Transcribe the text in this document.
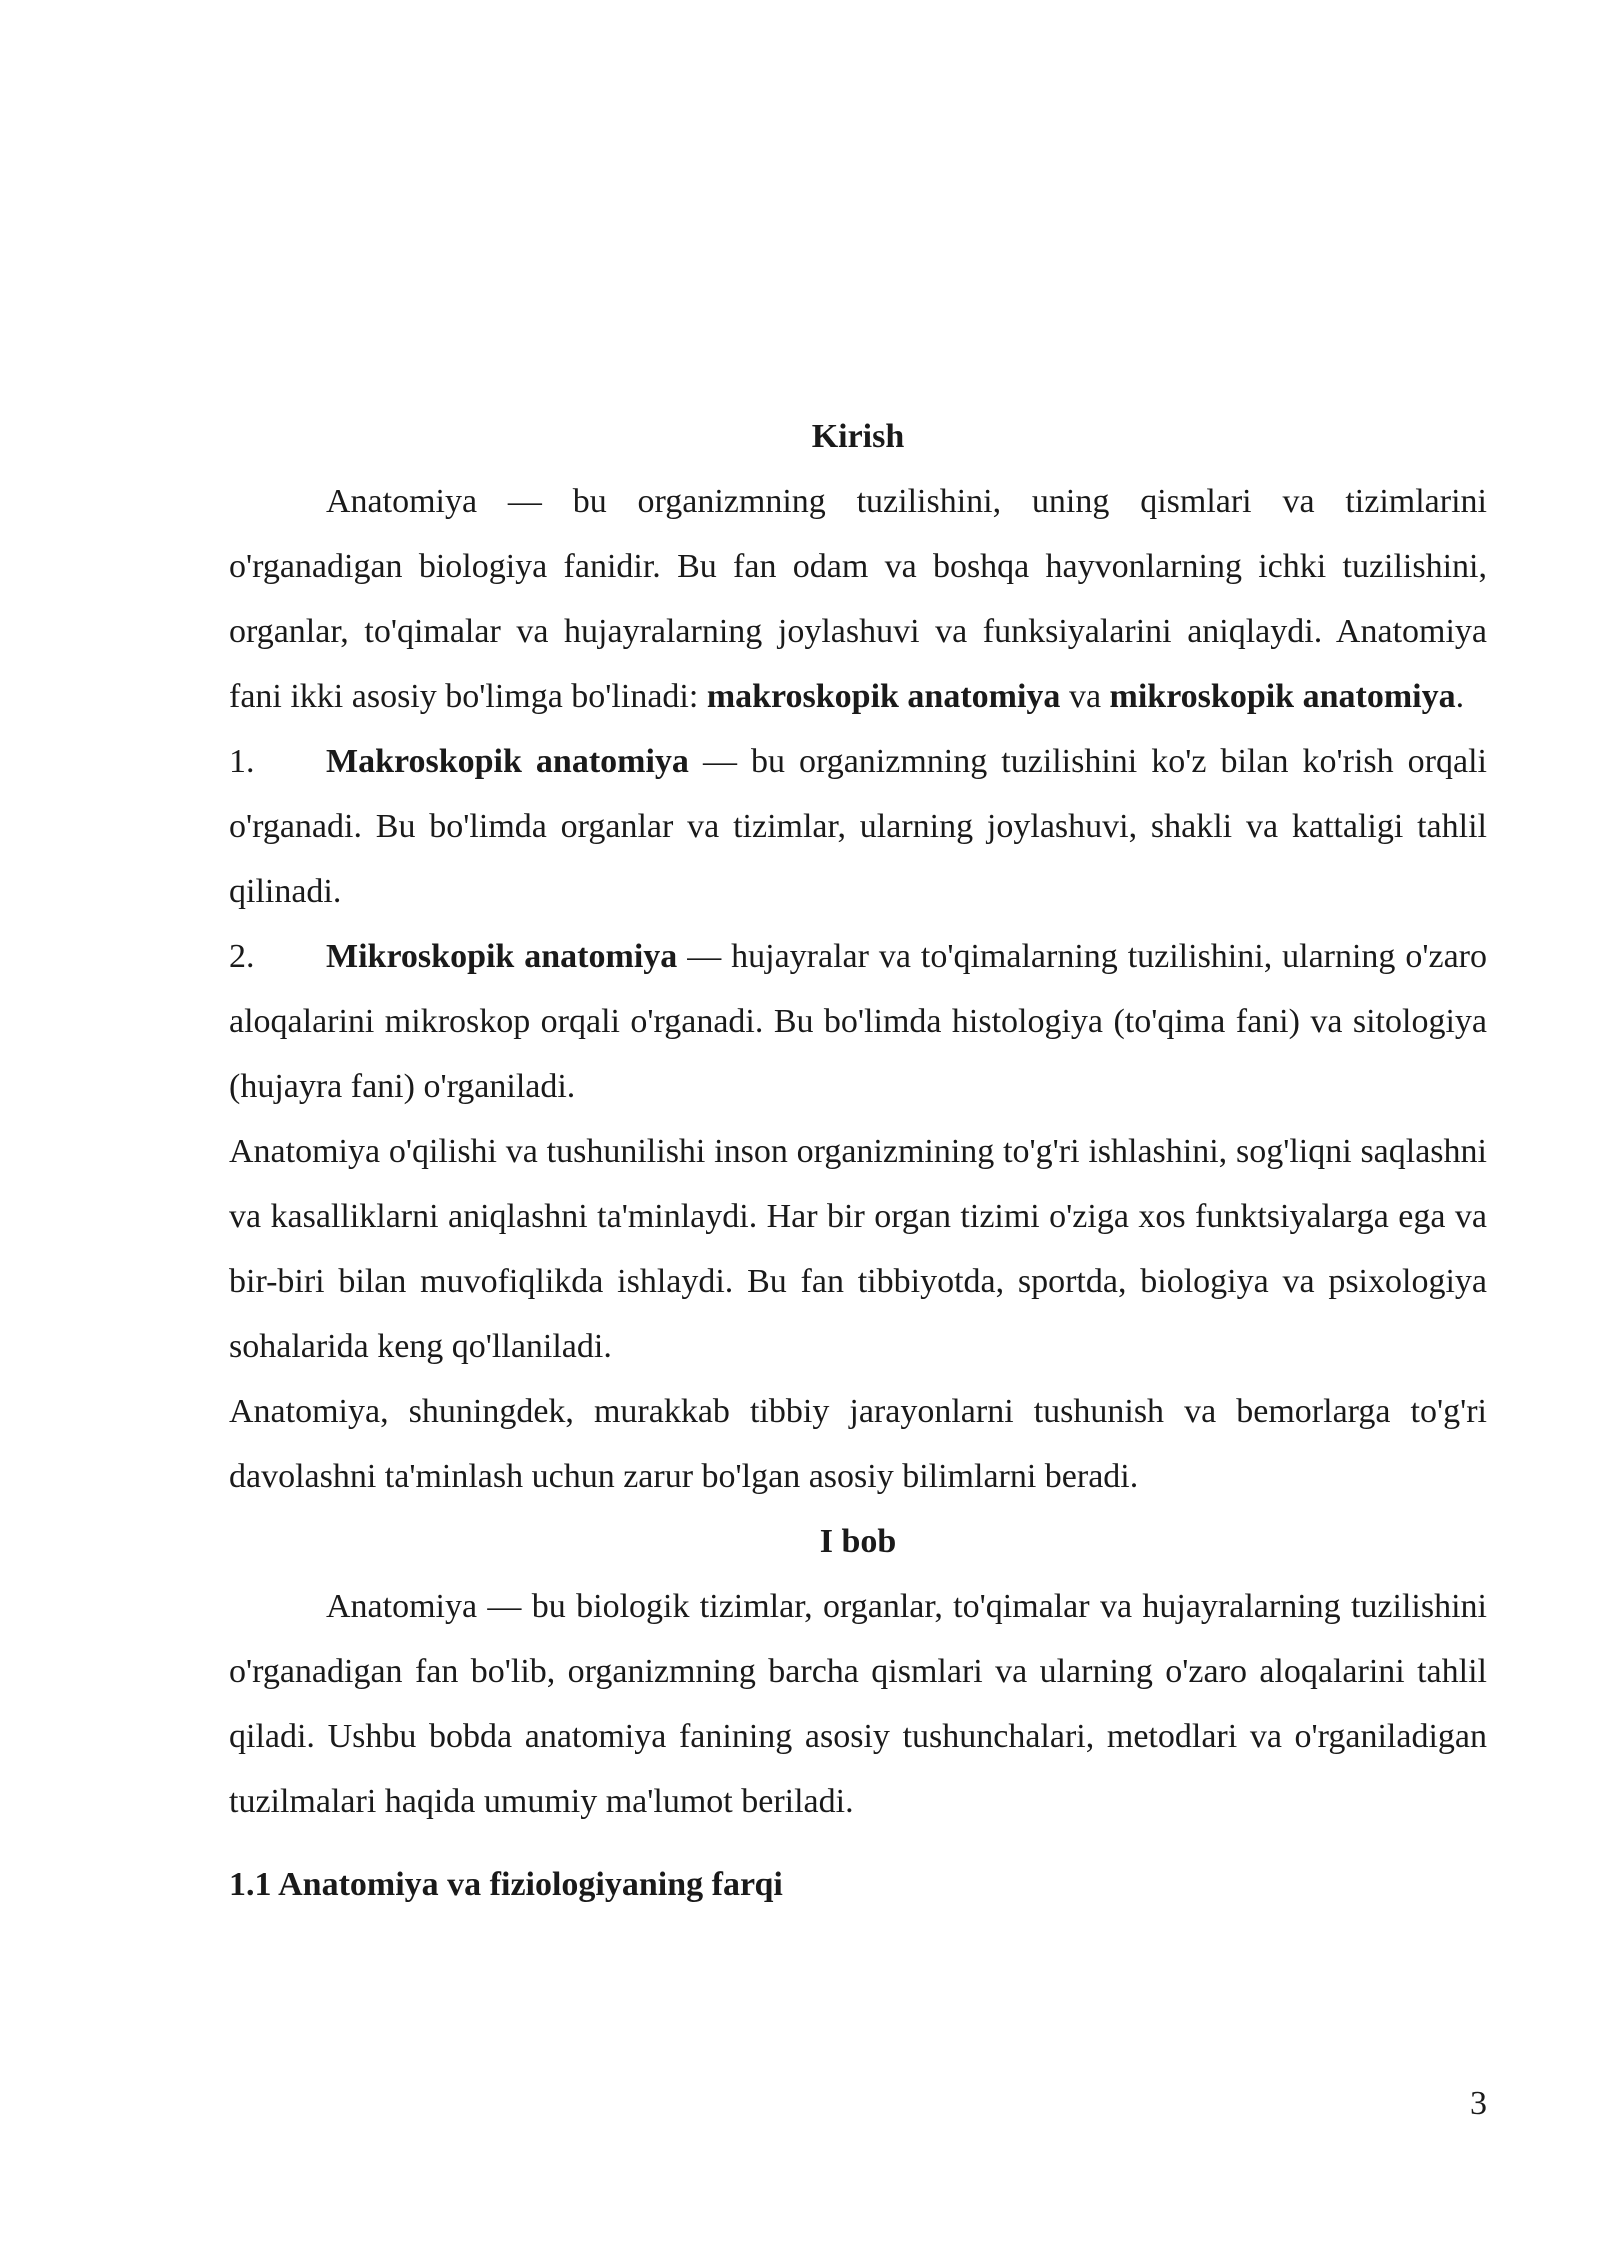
Kirish

Anatomiya — bu organizmning tuzilishini, uning qismlari va tizimlarini o'rganadigan biologiya fanidir. Bu fan odam va boshqa hayvonlarning ichki tuzilishini, organlar, to'qimalar va hujayralarning joylashuvi va funksiyalarini aniqlaydi. Anatomiya fani ikki asosiy bo'limga bo'linadi: makroskopik anatomiya va mikroskopik anatomiya.

1. Makroskopik anatomiya — bu organizmning tuzilishini ko'z bilan ko'rish orqali o'rganadi. Bu bo'limda organlar va tizimlar, ularning joylashuvi, shakli va kattaligi tahlil qilinadi.

2. Mikroskopik anatomiya — hujayralar va to'qimalarning tuzilishini, ularning o'zaro aloqalarini mikroskop orqali o'rganadi. Bu bo'limda histologiya (to'qima fani) va sitologiya (hujayra fani) o'rganiladi.

Anatomiya o'qilishi va tushunilishi inson organizmining to'g'ri ishlashini, sog'liqni saqlashni va kasalliklarni aniqlashni ta'minlaydi. Har bir organ tizimi o'ziga xos funktsiyalarga ega va bir-biri bilan muvofiqlikda ishlaydi. Bu fan tibbiyotda, sportda, biologiya va psixologiya sohalarida keng qo'llaniladi.

Anatomiya, shuningdek, murakkab tibbiy jarayonlarni tushunish va bemorlarga to'g'ri davolashni ta'minlash uchun zarur bo'lgan asosiy bilimlarni beradi.

I bob

Anatomiya — bu biologik tizimlar, organlar, to'qimalar va hujayralarning tuzilishini o'rganadigan fan bo'lib, organizmning barcha qismlari va ularning o'zaro aloqalarini tahlil qiladi. Ushbu bobda anatomiya fanining asosiy tushunchalari, metodlari va o'rganiladigan tuzilmalari haqida umumiy ma'lumot beriladi.

1.1 Anatomiya va fiziologiyaning farqi

3
